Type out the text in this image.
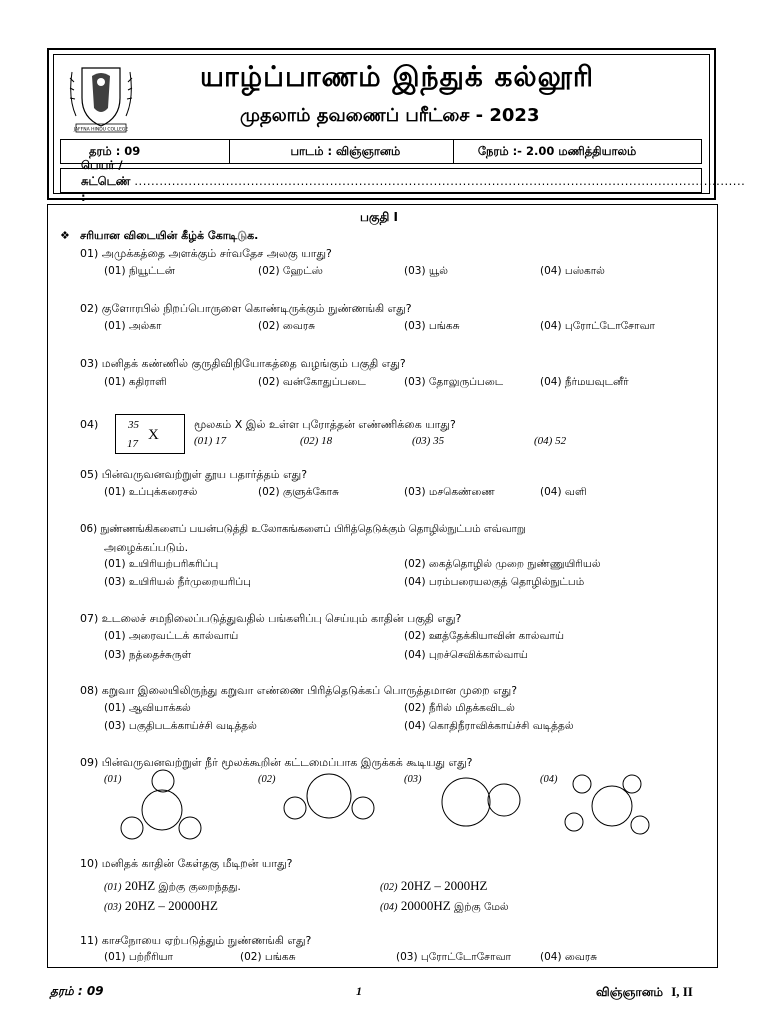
JAFFNA HINDU COLLEGE
யாழ்ப்பாணம் இந்துக் கல்லூரி
முதலாம் தவணைப் பரீட்சை - 2023
தரம் : 09	பாடம் : விஞ்ஞானம்	நேரம் :- 2.00 மணித்தியாலம்
பெயர் / சுட்டெண் :
...................................................................................................................................................
பகுதி I
❖ சரியான விடையின் கீழ்க் கோடிடுக.
01) அமுக்கத்தை அளக்கும் சர்வதேச அலகு யாது?
(01) நியூட்டன்	(02) ஹேட்ஸ்	(03) யூல்	(04) பஸ்கால்
02) குளோரபில் நிறப்பொருளை கொண்டிருக்கும் நுண்ணங்கி எது?
(01) அல்கா	(02) வைரசு	(03) பங்கசு	(04) புரோட்டோசோவா
03) மனிதக் கண்ணில் குருதிவிநியோகத்தை வழங்கும் பகுதி எது?
(01) கதிராளி	(02) வன்கோதுப்படை	(03) தோலுருப்படை	(04) நீர்மயவுடனீர்
04)	35
17
X
மூலகம் X இல் உள்ள புரோத்தன் எண்ணிக்கை யாது?
(01) 17	(02) 18	(03) 35	(04) 52
05) பின்வருவனவற்றுள் தூய பதார்த்தம் எது?
(01) உப்புக்கரைசல்	(02) குளுக்கோசு	(03) மசகெண்ணை	(04) வளி
06) நுண்ணங்கிகளைப் பயன்படுத்தி உலோகங்களைப் பிரித்தெடுக்கும் தொழில்நுட்பம் எவ்வாறு
அழைக்கப்படும்.
(01) உயிரியற்பரிகரிப்பு	(02) கைத்தொழில் முறை நுண்ணுயிரியல்
(03) உயிரியல் நீர்முறையரிப்பு	(04) பரம்பரையலகுத் தொழில்நுட்பம்
07) உடலைச் சமநிலைப்படுத்துவதில் பங்களிப்பு செய்யும் காதின் பகுதி எது?
(01) அரைவட்டக் கால்வாய்	(02) ஊத்தேக்கியாவின் கால்வாய்
(03) நத்தைச்சுருள்	(04) புறச்செவிக்கால்வாய்
08) கறுவா இலையிலிருந்து கறுவா எண்ணை பிரித்தெடுக்கப் பொருத்தமான முறை எது?
(01) ஆவியாக்கல்	(02) நீரில் மிதக்கவிடல்
(03) பகுதிபடக்காய்ச்சி வடித்தல்	(04) கொதிநீராவிக்காய்ச்சி வடித்தல்
09) பின்வருவனவற்றுள் நீர் மூலக்கூறின் கட்டமைப்பாக இருக்கக் கூடியது எது?
(01)	(02)	(03)	(04)
10) மனிதக் காதின் கேள்தகு மீடிறன் யாது?
(01) 20HZ இற்கு குறைந்தது.	(02) 20HZ – 2000HZ
(03) 20HZ – 20000HZ	(04) 20000HZ இற்கு மேல்
11) காசநோயை ஏற்படுத்தும் நுண்ணங்கி எது?
(01) பற்றீரியா	(02) பங்கசு	(03) புரோட்டோசோவா	(04) வைரசு
தரம் : 09	1	விஞ்ஞானம் I, II
